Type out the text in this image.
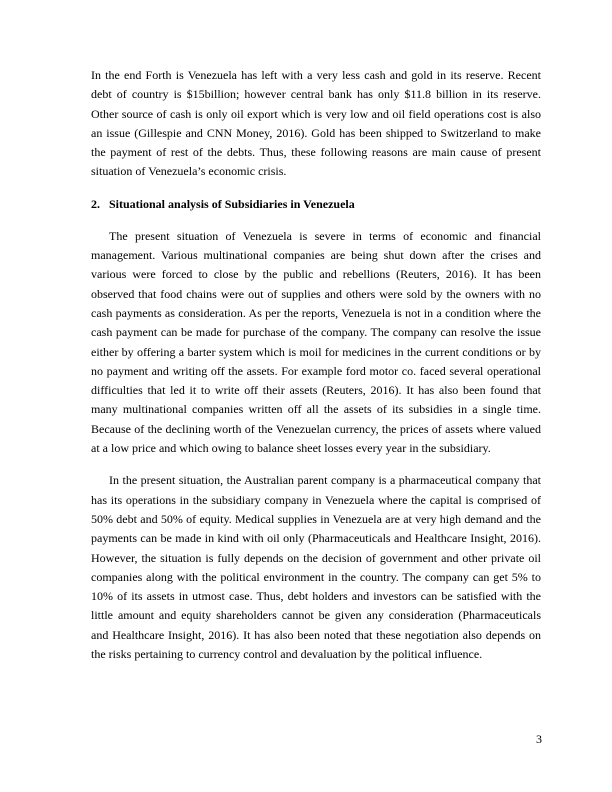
In the end Forth is Venezuela has left with a very less cash and gold in its reserve. Recent debt of country is $15billion; however central bank has only $11.8 billion in its reserve. Other source of cash is only oil export which is very low and oil field operations cost is also an issue (Gillespie and CNN Money, 2016). Gold has been shipped to Switzerland to make the payment of rest of the debts. Thus, these following reasons are main cause of present situation of Venezuela’s economic crisis.

2. Situational analysis of Subsidiaries in Venezuela

The present situation of Venezuela is severe in terms of economic and financial management. Various multinational companies are being shut down after the crises and various were forced to close by the public and rebellions (Reuters, 2016). It has been observed that food chains were out of supplies and others were sold by the owners with no cash payments as consideration. As per the reports, Venezuela is not in a condition where the cash payment can be made for purchase of the company. The company can resolve the issue either by offering a barter system which is moil for medicines in the current conditions or by no payment and writing off the assets. For example ford motor co. faced several operational difficulties that led it to write off their assets (Reuters, 2016). It has also been found that many multinational companies written off all the assets of its subsidies in a single time. Because of the declining worth of the Venezuelan currency, the prices of assets where valued at a low price and which owing to balance sheet losses every year in the subsidiary.

In the present situation, the Australian parent company is a pharmaceutical company that has its operations in the subsidiary company in Venezuela where the capital is comprised of 50% debt and 50% of equity. Medical supplies in Venezuela are at very high demand and the payments can be made in kind with oil only (Pharmaceuticals and Healthcare Insight, 2016). However, the situation is fully depends on the decision of government and other private oil companies along with the political environment in the country. The company can get 5% to 10% of its assets in utmost case. Thus, debt holders and investors can be satisfied with the little amount and equity shareholders cannot be given any consideration (Pharmaceuticals and Healthcare Insight, 2016). It has also been noted that these negotiation also depends on the risks pertaining to currency control and devaluation by the political influence.

3
